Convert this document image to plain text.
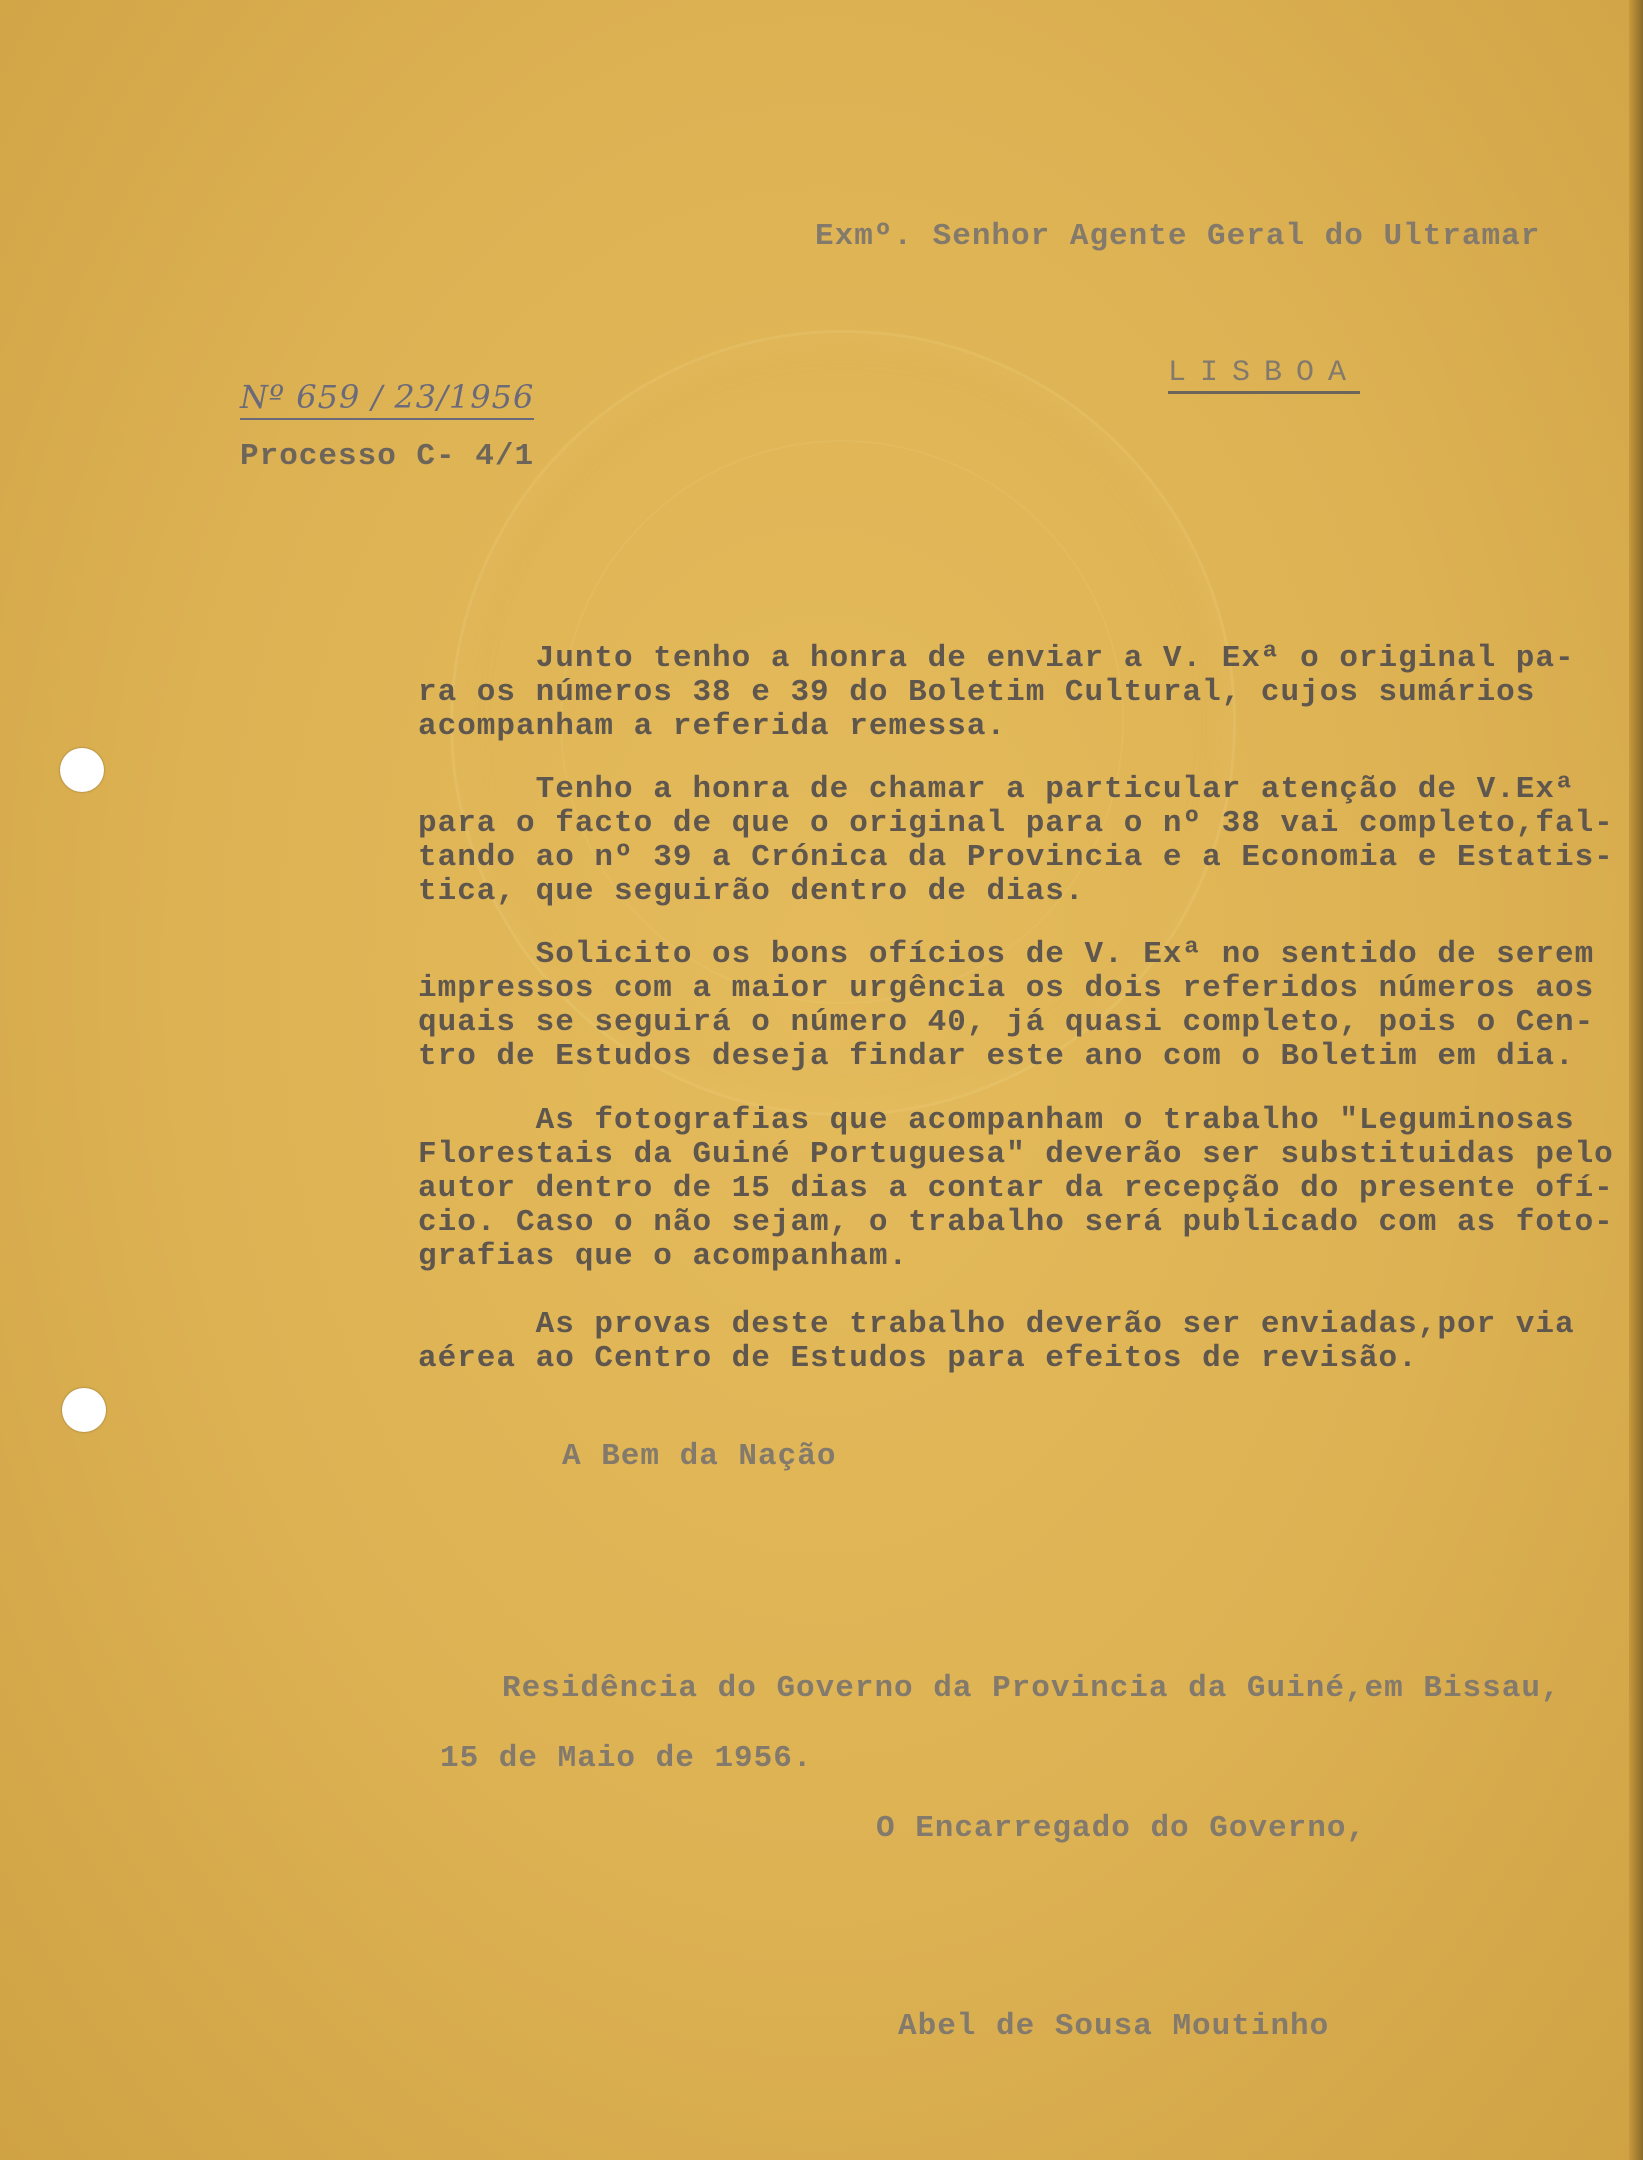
Exmº. Senhor Agente Geral do Ultramar

LISBOA
Nº 659 / 23/1956

Processo C- 4/1

Junto tenho a honra de enviar a V. Exª o original pa-
ra os números 38 e 39 do Boletim Cultural, cujos sumários
acompanham a referida remessa.

Tenho a honra de chamar a particular atenção de V.Exª
para o facto de que o original para o nº 38 vai completo,fal-
tando ao nº 39 a Crónica da Provincia e a Economia e Estatis-
tica, que seguirão dentro de dias.

Solicito os bons ofícios de V. Exª no sentido de serem
impressos com a maior urgência os dois referidos números aos
quais se seguirá o número 40, já quasi completo, pois o Cen-
tro de Estudos deseja findar este ano com o Boletim em dia.

As fotografias que acompanham o trabalho "Leguminosas
Florestais da Guiné Portuguesa" deverão ser substituidas pelo
autor dentro de 15 dias a contar da recepção do presente ofí-
cio. Caso o não sejam, o trabalho será publicado com as foto-
grafias que o acompanham.

As provas deste trabalho deverão ser enviadas,por via
aérea ao Centro de Estudos para efeitos de revisão.

A Bem da Nação

Residência do Governo da Provincia da Guiné,em Bissau,

15 de Maio de 1956.

O Encarregado do Governo,

Abel de Sousa Moutinho
